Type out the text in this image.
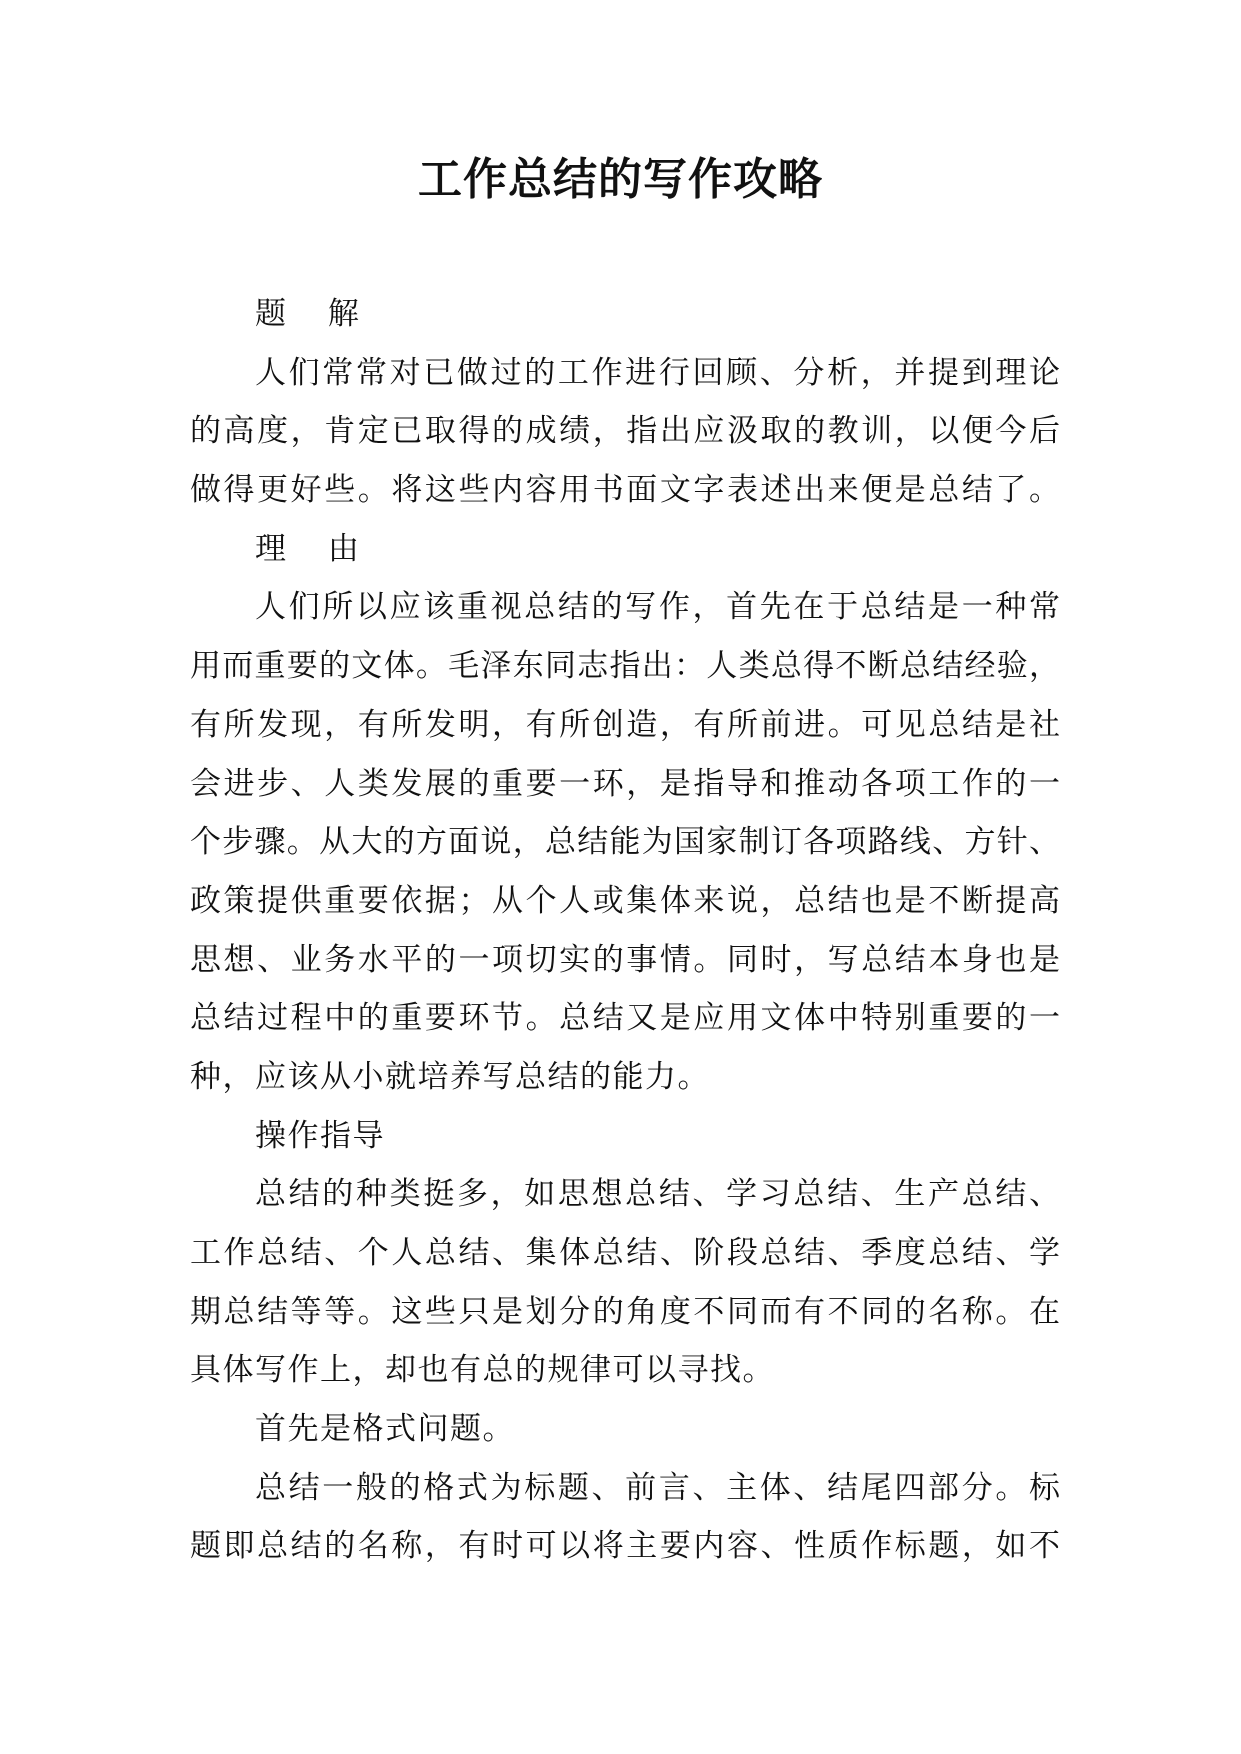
工作总结的写作攻略
题 解
人们常常对已做过的工作进行回顾、分析，并提到理论
的高度，肯定已取得的成绩，指出应汲取的教训，以便今后
做得更好些。将这些内容用书面文字表述出来便是总结了。
理 由
人们所以应该重视总结的写作，首先在于总结是一种常
用而重要的文体。毛泽东同志指出：人类总得不断总结经验，
有所发现，有所发明，有所创造，有所前进。可见总结是社
会进步、人类发展的重要一环，是指导和推动各项工作的一
个步骤。从大的方面说，总结能为国家制订各项路线、方针、
政策提供重要依据；从个人或集体来说，总结也是不断提高
思想、业务水平的一项切实的事情。同时，写总结本身也是
总结过程中的重要环节。总结又是应用文体中特别重要的一
种，应该从小就培养写总结的能力。
操作指导
总结的种类挺多，如思想总结、学习总结、生产总结、
工作总结、个人总结、集体总结、阶段总结、季度总结、学
期总结等等。这些只是划分的角度不同而有不同的名称。在
具体写作上，却也有总的规律可以寻找。
首先是格式问题。
总结一般的格式为标题、前言、主体、结尾四部分。标
题即总结的名称，有时可以将主要内容、性质作标题，如不
